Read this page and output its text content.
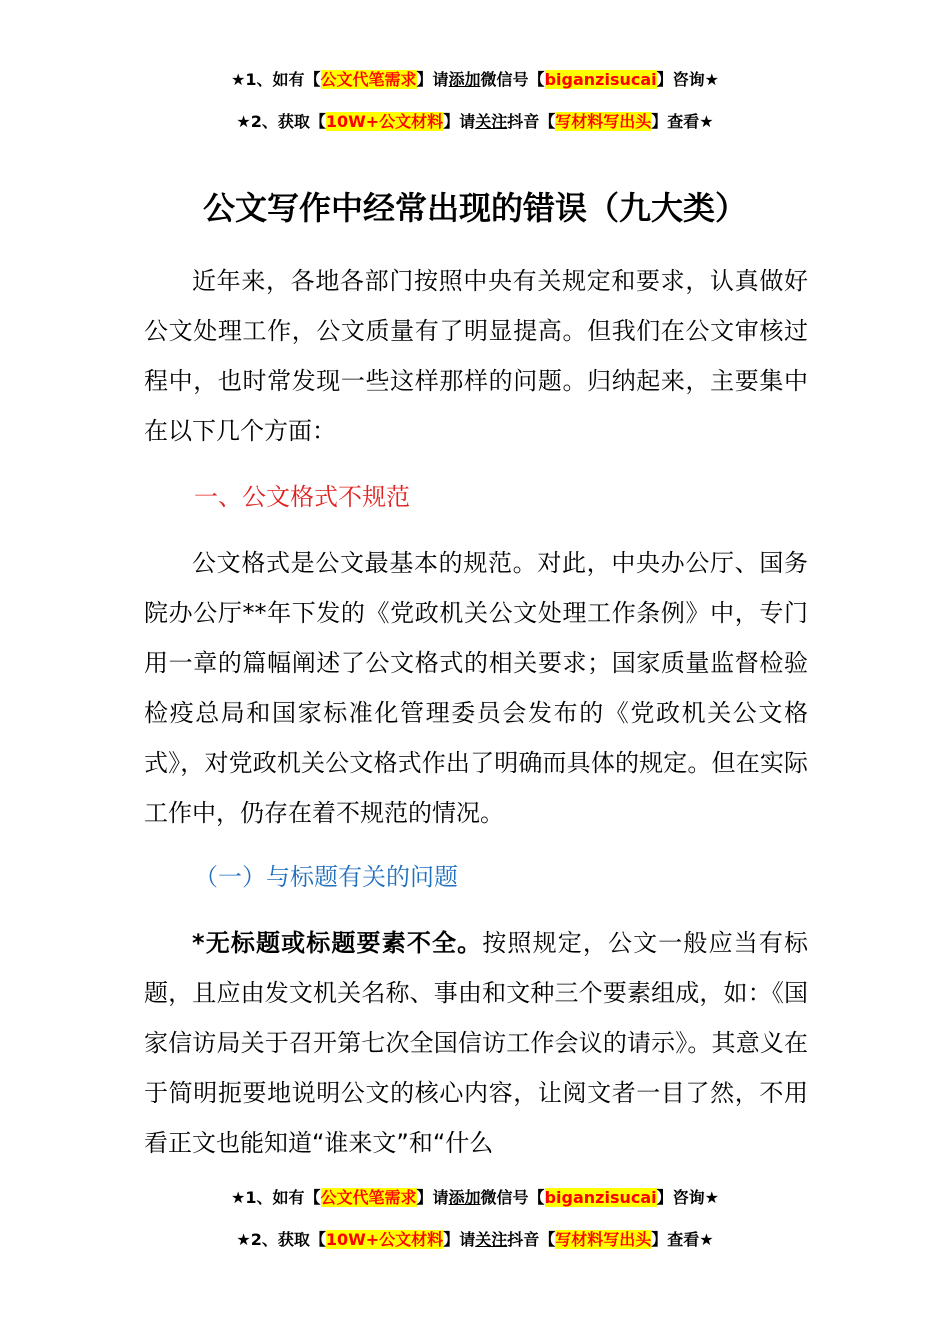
★1、如有【公文代笔需求】请添加微信号【biganzisucai】咨询★
★2、获取【10W+公文材料】请关注抖音【写材料写出头】查看★
公文写作中经常出现的错误（九大类）

近年来，各地各部门按照中央有关规定和要求，认真做好公文处理工作，公文质量有了明显提高。但我们在公文审核过程中，也时常发现一些这样那样的问题。归纳起来，主要集中在以下几个方面：

一、公文格式不规范

公文格式是公文最基本的规范。对此，中央办公厅、国务院办公厅**年下发的《党政机关公文处理工作条例》中，专门用一章的篇幅阐述了公文格式的相关要求；国家质量监督检验检疫总局和国家标准化管理委员会发布的《党政机关公文格式》，对党政机关公文格式作出了明确而具体的规定。但在实际工作中，仍存在着不规范的情况。

（一）与标题有关的问题

*无标题或标题要素不全。按照规定，公文一般应当有标题，且应由发文机关名称、事由和文种三个要素组成，如：《国家信访局关于召开第七次全国信访工作会议的请示》。其意义在于简明扼要地说明公文的核心内容，让阅文者一目了然，不用看正文也能知道“谁来文”和“什么

★1、如有【公文代笔需求】请添加微信号【biganzisucai】咨询★
★2、获取【10W+公文材料】请关注抖音【写材料写出头】查看★
